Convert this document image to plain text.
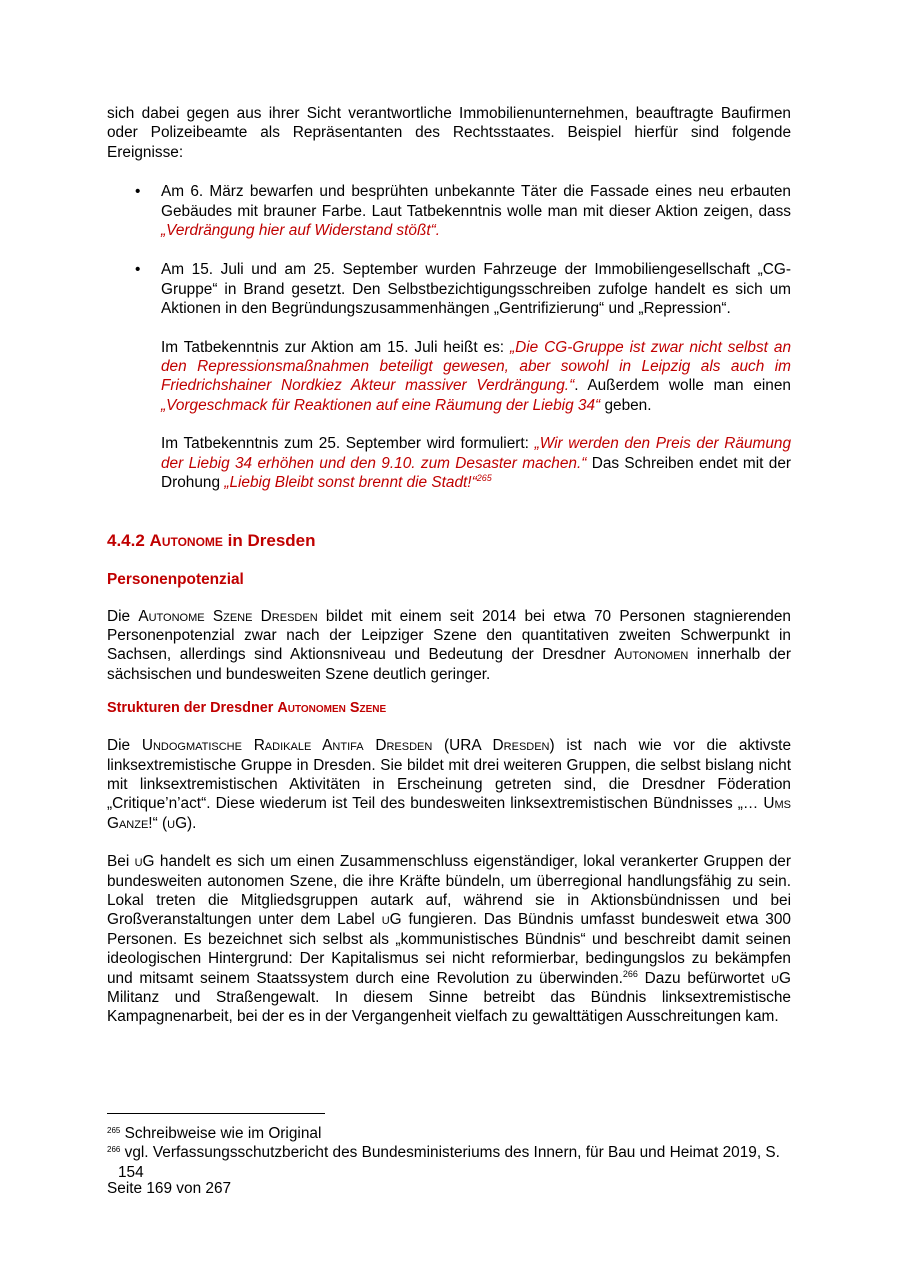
sich dabei gegen aus ihrer Sicht verantwortliche Immobilienunternehmen, beauftragte Baufirmen oder Polizeibeamte als Repräsentanten des Rechtsstaates. Beispiel hierfür sind folgende Ereignisse:

• Am 6. März bewarfen und besprühten unbekannte Täter die Fassade eines neu erbauten Gebäudes mit brauner Farbe. Laut Tatbekenntnis wolle man mit dieser Aktion zeigen, dass „Verdrängung hier auf Widerstand stößt“.

• Am 15. Juli und am 25. September wurden Fahrzeuge der Immobiliengesellschaft „CG-Gruppe“ in Brand gesetzt. Den Selbstbezichtigungsschreiben zufolge handelt es sich um Aktionen in den Begründungszusammenhängen „Gentrifizierung“ und „Repression“.

Im Tatbekenntnis zur Aktion am 15. Juli heißt es: „Die CG-Gruppe ist zwar nicht selbst an den Repressionsmaßnahmen beteiligt gewesen, aber sowohl in Leipzig als auch im Friedrichshainer Nordkiez Akteur massiver Verdrängung.“. Außerdem wolle man einen „Vorgeschmack für Reaktionen auf eine Räumung der Liebig 34“ geben.

Im Tatbekenntnis zum 25. September wird formuliert: „Wir werden den Preis der Räumung der Liebig 34 erhöhen und den 9.10. zum Desaster machen.“ Das Schreiben endet mit der Drohung „Liebig Bleibt sonst brennt die Stadt!“$^{265}$

4.4.2 Autonome in Dresden
Personenpotenzial

Die Autonome Szene Dresden bildet mit einem seit 2014 bei etwa 70 Personen stagnierenden Personenpotenzial zwar nach der Leipziger Szene den quantitativen zweiten Schwerpunkt in Sachsen, allerdings sind Aktionsniveau und Bedeutung der Dresdner Autonomen innerhalb der sächsischen und bundesweiten Szene deutlich geringer.

Strukturen der Dresdner Autonomen Szene

Die Undogmatische Radikale Antifa Dresden (URA Dresden) ist nach wie vor die aktivste linksextremistische Gruppe in Dresden. Sie bildet mit drei weiteren Gruppen, die selbst bislang nicht mit linksextremistischen Aktivitäten in Erscheinung getreten sind, die Dresdner Föderation „Critique’n’act“. Diese wiederum ist Teil des bundesweiten linksextremistischen Bündnisses „… Ums Ganze!“ (uG).

Bei uG handelt es sich um einen Zusammenschluss eigenständiger, lokal verankerter Gruppen der bundesweiten autonomen Szene, die ihre Kräfte bündeln, um überregional handlungsfähig zu sein. Lokal treten die Mitgliedsgruppen autark auf, während sie in Aktionsbündnissen und bei Großveranstaltungen unter dem Label uG fungieren. Das Bündnis umfasst bundesweit etwa 300 Personen. Es bezeichnet sich selbst als „kommunistisches Bündnis“ und beschreibt damit seinen ideologischen Hintergrund: Der Kapitalismus sei nicht reformierbar, bedingungslos zu bekämpfen und mitsamt seinem Staatssystem durch eine Revolution zu überwinden.$^{266}$ Dazu befürwortet uG Militanz und Straßengewalt. In diesem Sinne betreibt das Bündnis linksextremistische Kampagnenarbeit, bei der es in der Vergangenheit vielfach zu gewalttätigen Ausschreitungen kam.

$^{265}$ Schreibweise wie im Original

$^{266}$ vgl. Verfassungsschutzbericht des Bundesministeriums des Innern, für Bau und Heimat 2019, S.

154

Seite 169 von 267
